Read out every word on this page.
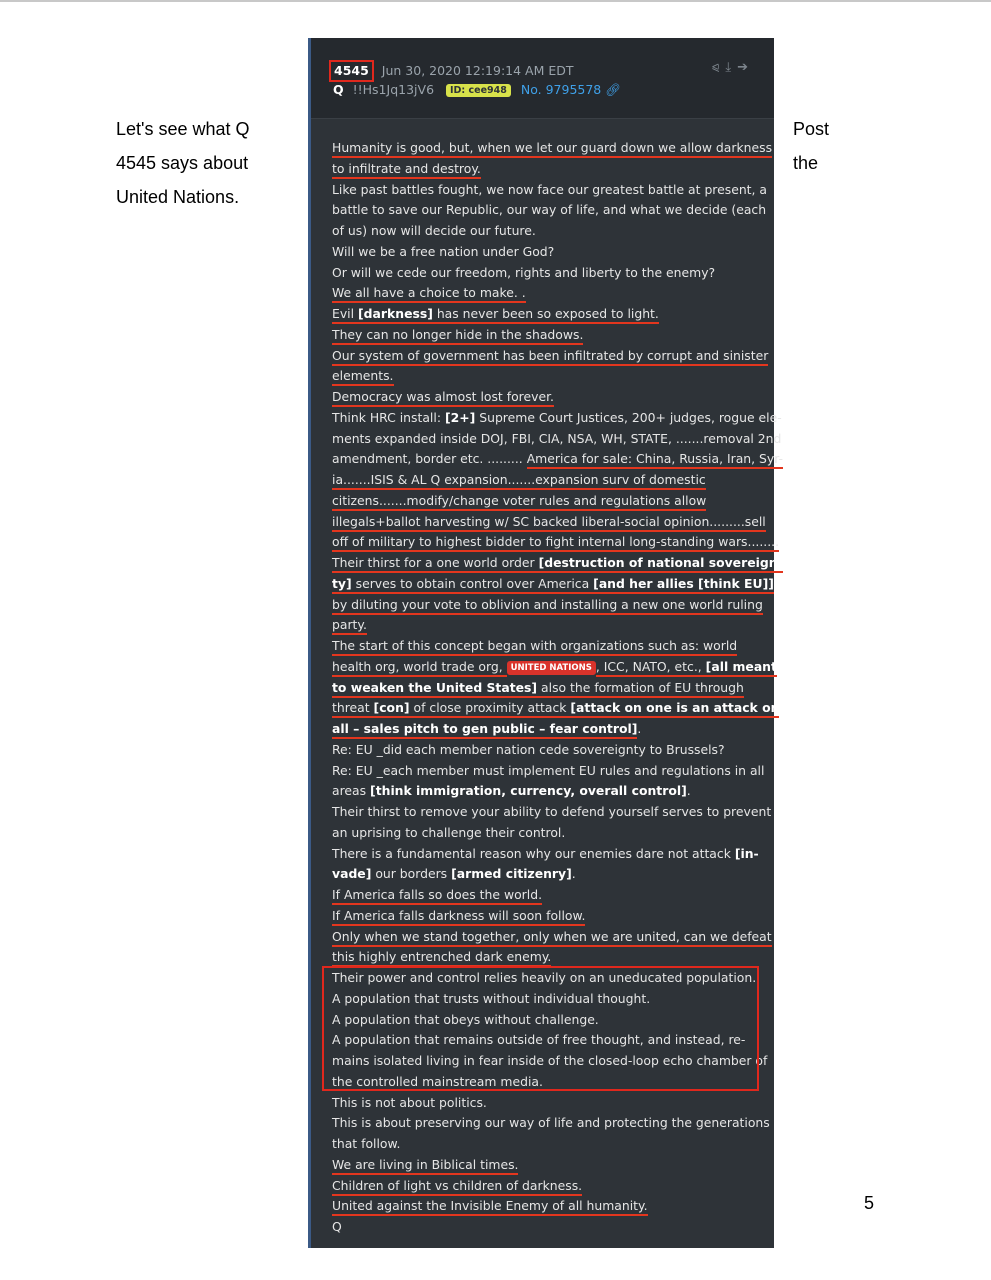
Let's see what Q
4545 says about
United Nations.
Post
the
5
4545 Jun 30, 2020 12:19:14 AM EDT	⪨⤓➔
Q !!Hs1Jq13jV6 ID: cee948 No. 9795578 🔗︎
Humanity is good, but, when we let our guard down we allow darkness
to infiltrate and destroy.
Like past battles fought, we now face our greatest battle at present, a
battle to save our Republic, our way of life, and what we decide (each
of us) now will decide our future.
Will we be a free nation under God?
Or will we cede our freedom, rights and liberty to the enemy?
We all have a choice to make. .
Evil [darkness] has never been so exposed to light.
They can no longer hide in the shadows.
Our system of government has been infiltrated by corrupt and sinister
elements.
Democracy was almost lost forever.
Think HRC install: [2+] Supreme Court Justices, 200+ judges, rogue ele-
ments expanded inside DOJ, FBI, CIA, NSA, WH, STATE, .......removal 2nd
amendment, border etc. ......... America for sale: China, Russia, Iran, Syr-
ia.......ISIS & AL Q expansion.......expansion surv of domestic
citizens.......modify/change voter rules and regulations allow
illegals+ballot harvesting w/ SC backed liberal-social opinion.........sell
off of military to highest bidder to fight internal long-standing wars........
Their thirst for a one world order [destruction of national sovereign-
ty] serves to obtain control over America [and her allies [think EU]]
by diluting your vote to oblivion and installing a new one world ruling
party.
The start of this concept began with organizations such as: world
health org, world trade org, UNITED NATIONS , ICC, NATO, etc., [all meant
to weaken the United States] also the formation of EU through
threat [con] of close proximity attack [attack on one is an attack on
all – sales pitch to gen public – fear control].
Re: EU _did each member nation cede sovereignty to Brussels?
Re: EU _each member must implement EU rules and regulations in all
areas [think immigration, currency, overall control].
Their thirst to remove your ability to defend yourself serves to prevent
an uprising to challenge their control.
There is a fundamental reason why our enemies dare not attack [in-
vade] our borders [armed citizenry].
If America falls so does the world.
If America falls darkness will soon follow.
Only when we stand together, only when we are united, can we defeat
this highly entrenched dark enemy.
Their power and control relies heavily on an uneducated population.
A population that trusts without individual thought.
A population that obeys without challenge.
A population that remains outside of free thought, and instead, re-
mains isolated living in fear inside of the closed-loop echo chamber of
the controlled mainstream media.
This is not about politics.
This is about preserving our way of life and protecting the generations
that follow.
We are living in Biblical times.
Children of light vs children of darkness.
United against the Invisible Enemy of all humanity.
Q
